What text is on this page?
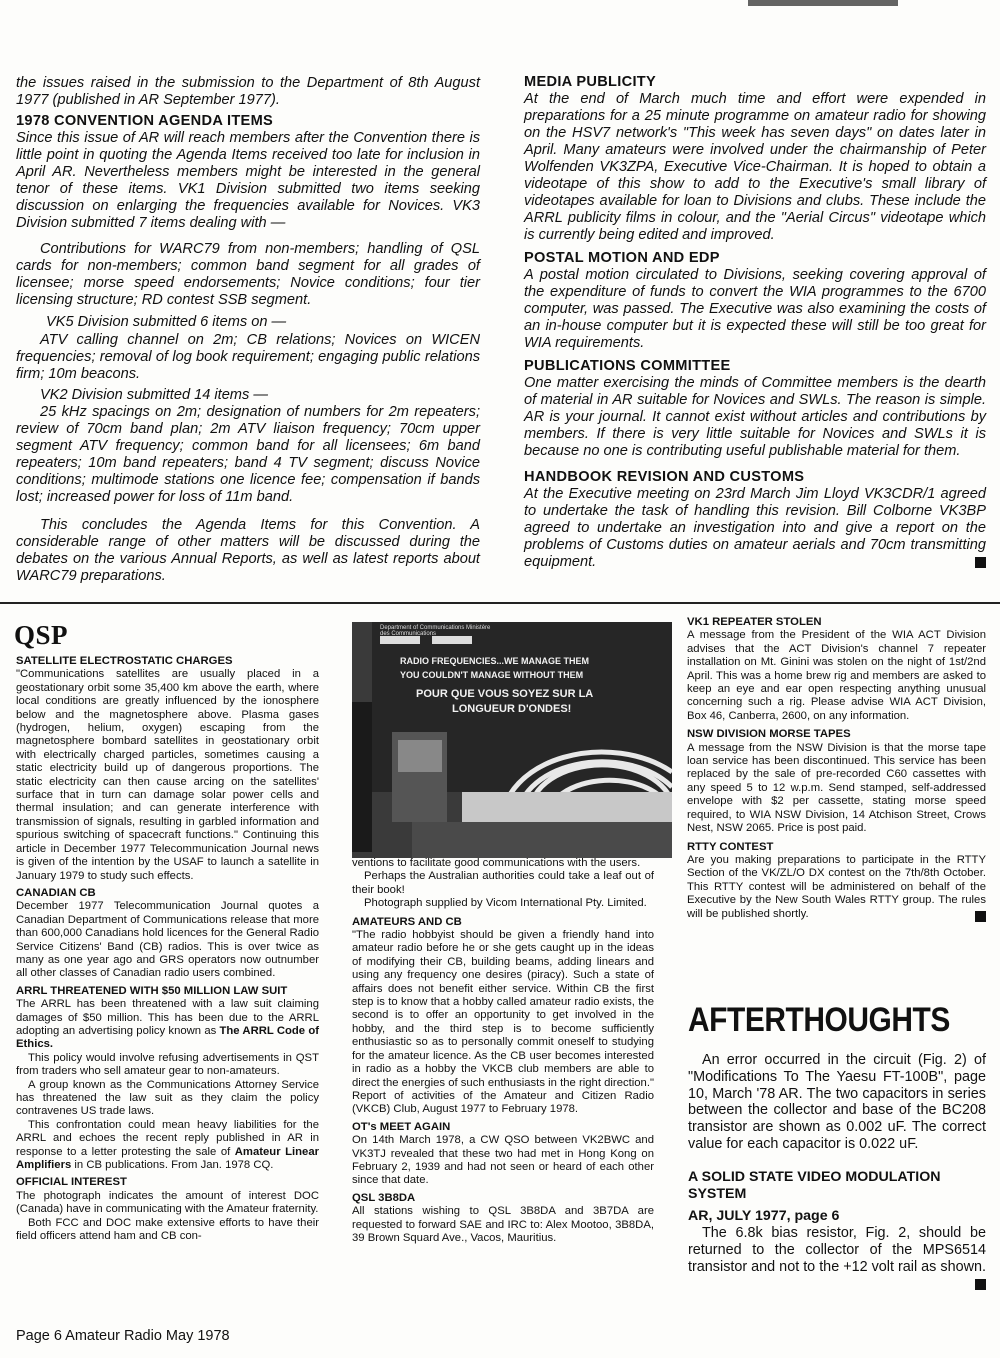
the issues raised in the submission to the Department of 8th August 1977 (published in AR September 1977).

1978 CONVENTION AGENDA ITEMS

Since this issue of AR will reach members after the Convention there is little point in quoting the Agenda Items received too late for inclusion in April AR. Nevertheless members might be interested in the general tenor of these items. VK1 Division submitted two items seeking discussion on enlarging the frequencies available for Novices. VK3 Division submitted 7 items dealing with —

Contributions for WARC79 from non-members; handling of QSL cards for non-members; common band segment for all grades of licensee; morse speed endorsements; Novice conditions; four tier licensing structure; RD contest SSB segment.

VK5 Division submitted 6 items on —

ATV calling channel on 2m; CB relations; Novices on WICEN frequencies; removal of log book requirement; engaging public relations firm; 10m beacons.

VK2 Division submitted 14 items —

25 kHz spacings on 2m; designation of numbers for 2m repeaters; review of 70cm band plan; 2m ATV liaison frequency; 70cm upper segment ATV frequency; common band for all licensees; 6m band repeaters; 10m band repeaters; band 4 TV segment; discuss Novice conditions; multimode stations one licence fee; compensation if bands lost; increased power for loss of 11m band.

This concludes the Agenda Items for this Convention. A considerable range of other matters will be discussed during the debates on the various Annual Reports, as well as latest reports about WARC79 preparations.

MEDIA PUBLICITY

At the end of March much time and effort were expended in preparations for a 25 minute programme on amateur radio for showing on the HSV7 network's "This week has seven days" on dates later in April. Many amateurs were involved under the chairmanship of Peter Wolfenden VK3ZPA, Executive Vice-Chairman. It is hoped to obtain a videotape of this show to add to the Executive's small library of videotapes available for loan to Divisions and clubs. These include the ARRL publicity films in colour, and the "Aerial Circus" videotape which is currently being edited and improved.

POSTAL MOTION AND EDP

A postal motion circulated to Divisions, seeking covering approval of the expenditure of funds to convert the WIA programmes to the 6700 computer, was passed. The Executive was also examining the costs of an in-house computer but it is expected these will still be too great for WIA requirements.

PUBLICATIONS COMMITTEE

One matter exercising the minds of Committee members is the dearth of material in AR suitable for Novices and SWLs. The reason is simple. AR is your journal. It cannot exist without articles and contributions by members. If there is very little suitable for Novices and SWLs it is because no one is contributing useful publishable material for them.

HANDBOOK REVISION AND CUSTOMS

At the Executive meeting on 23rd March Jim Lloyd VK3CDR/1 agreed to undertake the task of handling this revision. Bill Colborne VK3BP agreed to undertake an investigation into and give a report on the problems of Customs duties on amateur aerials and 70cm transmitting equipment.

QSP

SATELLITE ELECTROSTATIC CHARGES

"Communications satellites are usually placed in a geostationary orbit some 35,400 km above the earth, where local conditions are greatly influenced by the ionosphere below and the magnetosphere above. Plasma gases (hydrogen, helium, oxygen) escaping from the magnetosphere bombard satellites in geostationary orbit with electrically charged particles, sometimes causing a static electricity build up of dangerous proportions. The static electricity can then cause arcing on the satellites' surface that in turn can damage solar power cells and thermal insulation; and can generate interference with transmission of signals, resulting in garbled information and spurious switching of spacecraft functions." Continuing this article in December 1977 Telecommunication Journal news is given of the intention by the USAF to launch a satellite in January 1979 to study such effects.

CANADIAN CB

December 1977 Telecommunication Journal quotes a Canadian Department of Communications release that more than 600,000 Canadians hold licences for the General Radio Service Citizens' Band (CB) radios. This is over twice as many as one year ago and GRS operators now outnumber all other classes of Canadian radio users combined.

ARRL THREATENED WITH $50 MILLION LAW SUIT

The ARRL has been threatened with a law suit claiming damages of $50 million. This has been due to the ARRL adopting an advertising policy known as The ARRL Code of Ethics.

This policy would involve refusing advertisements in QST from traders who sell amateur gear to non-amateurs.

A group known as the Communications Attorney Service has threatened the law suit as they claim the policy contravenes US trade laws.

This confrontation could mean heavy liabilities for the ARRL and echoes the recent reply published in AR in response to a letter protesting the sale of Amateur Linear Amplifiers in CB publications. From Jan. 1978 CQ.

OFFICIAL INTEREST

The photograph indicates the amount of interest DOC (Canada) have in communicating with the Amateur fraternity.

Both FCC and DOC make extensive efforts to have their field officers attend ham and CB con-

Department of Communications Ministère des Communications
RADIO FREQUENCIES...WE MANAGE THEM
YOU COULDN'T MANAGE WITHOUT THEM
POUR QUE VOUS SOYEZ SUR LA
LONGUEUR D'ONDES!

ventions to facilitate good communications with the users.

Perhaps the Australian authorities could take a leaf out of their book!

Photograph supplied by Vicom International Pty. Limited.

AMATEURS AND CB

"The radio hobbyist should be given a friendly hand into amateur radio before he or she gets caught up in the ideas of modifying their CB, building beams, adding linears and using any frequency one desires (piracy). Such a state of affairs does not benefit either service. Within CB the first step is to know that a hobby called amateur radio exists, the second is to offer an opportunity to get involved in the hobby, and the third step is to become sufficiently enthusiastic so as to personally commit oneself to studying for the amateur licence. As the CB user becomes interested in radio as a hobby the VKCB club members are able to direct the energies of such enthusiasts in the right direction." Report of activities of the Amateur and Citizen Radio (VKCB) Club, August 1977 to February 1978.

OT's MEET AGAIN

On 14th March 1978, a CW QSO between VK2BWC and VK3TJ revealed that these two had met in Hong Kong on February 2, 1939 and had not seen or heard of each other since that date.

QSL 3B8DA

All stations wishing to QSL 3B8DA and 3B7DA are requested to forward SAE and IRC to: Alex Mootoo, 3B8DA, 39 Brown Squard Ave., Vacos, Mauritius.

VK1 REPEATER STOLEN

A message from the President of the WIA ACT Division advises that the ACT Division's channel 7 repeater installation on Mt. Ginini was stolen on the night of 1st/2nd April. This was a home brew rig and members are asked to keep an eye and ear open respecting anything unusual concerning such a rig. Please advise WIA ACT Division, Box 46, Canberra, 2600, on any information.

NSW DIVISION MORSE TAPES

A message from the NSW Division is that the morse tape loan service has been discontinued. This service has been replaced by the sale of pre-recorded C60 cassettes with any speed 5 to 12 w.p.m. Send stamped, self-addressed envelope with $2 per cassette, stating morse speed required, to WIA NSW Division, 14 Atchison Street, Crows Nest, NSW 2065. Price is post paid.

RTTY CONTEST

Are you making preparations to participate in the RTTY Section of the VK/ZL/O DX contest on the 7th/8th October. This RTTY contest will be administered on behalf of the Executive by the New South Wales RTTY group. The rules will be published shortly.

AFTERTHOUGHTS

An error occurred in the circuit (Fig. 2) of "Modifications To The Yaesu FT-100B", page 10, March '78 AR. The two capacitors in series between the collector and base of the BC208 transistor are shown as 0.002 uF. The correct value for each capacitor is 0.022 uF.

A SOLID STATE VIDEO MODULATION SYSTEM

AR, JULY 1977, page 6

The 6.8k bias resistor, Fig. 2, should be returned to the collector of the MPS6514 transistor and not to the +12 volt rail as shown.

Page 6 Amateur Radio May 1978
